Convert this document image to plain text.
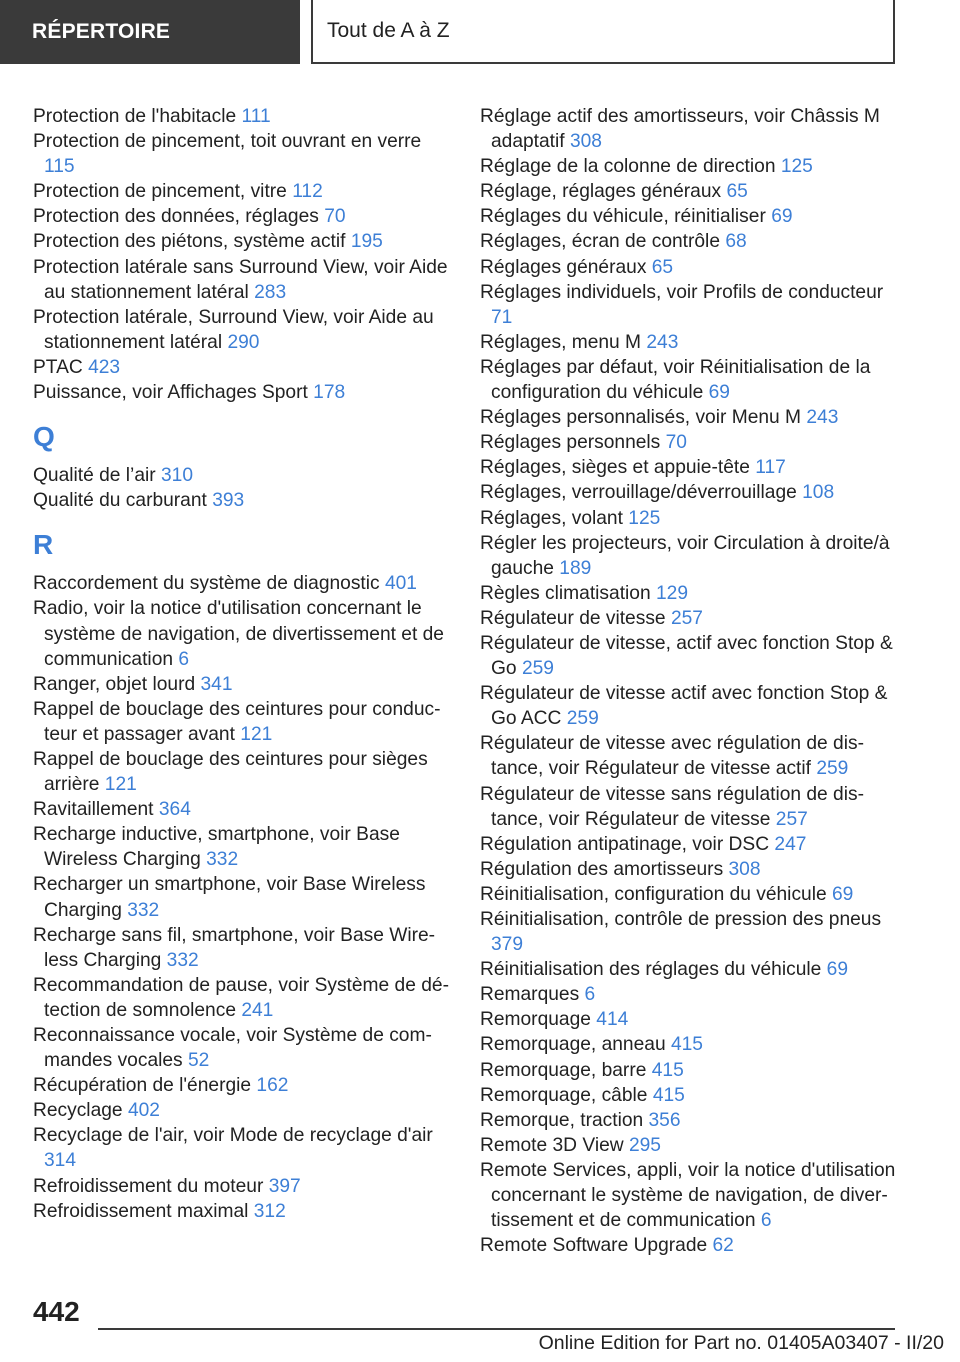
RÉPERTOIRE	Tout de A à Z
Protection de l'habitacle 111
Protection de pincement, toit ouvrant en verre 115
Protection de pincement, vitre 112
Protection des données, réglages 70
Protection des piétons, système actif 195
Protection latérale sans Surround View, voir Aide au stationnement latéral 283
Protection latérale, Surround View, voir Aide au stationnement latéral 290
PTAC 423
Puissance, voir Affichages Sport 178
Q
Qualité de l’air 310
Qualité du carburant 393
R
Raccordement du système de diagnostic 401
Radio, voir la notice d'utilisation concernant le système de navigation, de divertissement et de communication 6
Ranger, objet lourd 341
Rappel de bouclage des ceintures pour conducteur et passager avant 121
Rappel de bouclage des ceintures pour sièges arrière 121
Ravitaillement 364
Recharge inductive, smartphone, voir Base Wireless Charging 332
Recharger un smartphone, voir Base Wireless Charging 332
Recharge sans fil, smartphone, voir Base Wireless Charging 332
Recommandation de pause, voir Système de détection de somnolence 241
Reconnaissance vocale, voir Système de commandes vocales 52
Récupération de l'énergie 162
Recyclage 402
Recyclage de l'air, voir Mode de recyclage d'air 314
Refroidissement du moteur 397
Refroidissement maximal 312
Réglage actif des amortisseurs, voir Châssis M adaptatif 308
Réglage de la colonne de direction 125
Réglage, réglages généraux 65
Réglages du véhicule, réinitialiser 69
Réglages, écran de contrôle 68
Réglages généraux 65
Réglages individuels, voir Profils de conducteur 71
Réglages, menu M 243
Réglages par défaut, voir Réinitialisation de la configuration du véhicule 69
Réglages personnalisés, voir Menu M 243
Réglages personnels 70
Réglages, sièges et appuie-tête 117
Réglages, verrouillage/déverrouillage 108
Réglages, volant 125
Régler les projecteurs, voir Circulation à droite/à gauche 189
Règles climatisation 129
Régulateur de vitesse 257
Régulateur de vitesse, actif avec fonction Stop & Go 259
Régulateur de vitesse actif avec fonction Stop & Go ACC 259
Régulateur de vitesse avec régulation de distance, voir Régulateur de vitesse actif 259
Régulateur de vitesse sans régulation de distance, voir Régulateur de vitesse 257
Régulation antipatinage, voir DSC 247
Régulation des amortisseurs 308
Réinitialisation, configuration du véhicule 69
Réinitialisation, contrôle de pression des pneus 379
Réinitialisation des réglages du véhicule 69
Remarques 6
Remorquage 414
Remorquage, anneau 415
Remorquage, barre 415
Remorquage, câble 415
Remorque, traction 356
Remote 3D View 295
Remote Services, appli, voir la notice d'utilisation concernant le système de navigation, de divertissement et de communication 6
Remote Software Upgrade 62
442
Online Edition for Part no. 01405A03407 - II/20
